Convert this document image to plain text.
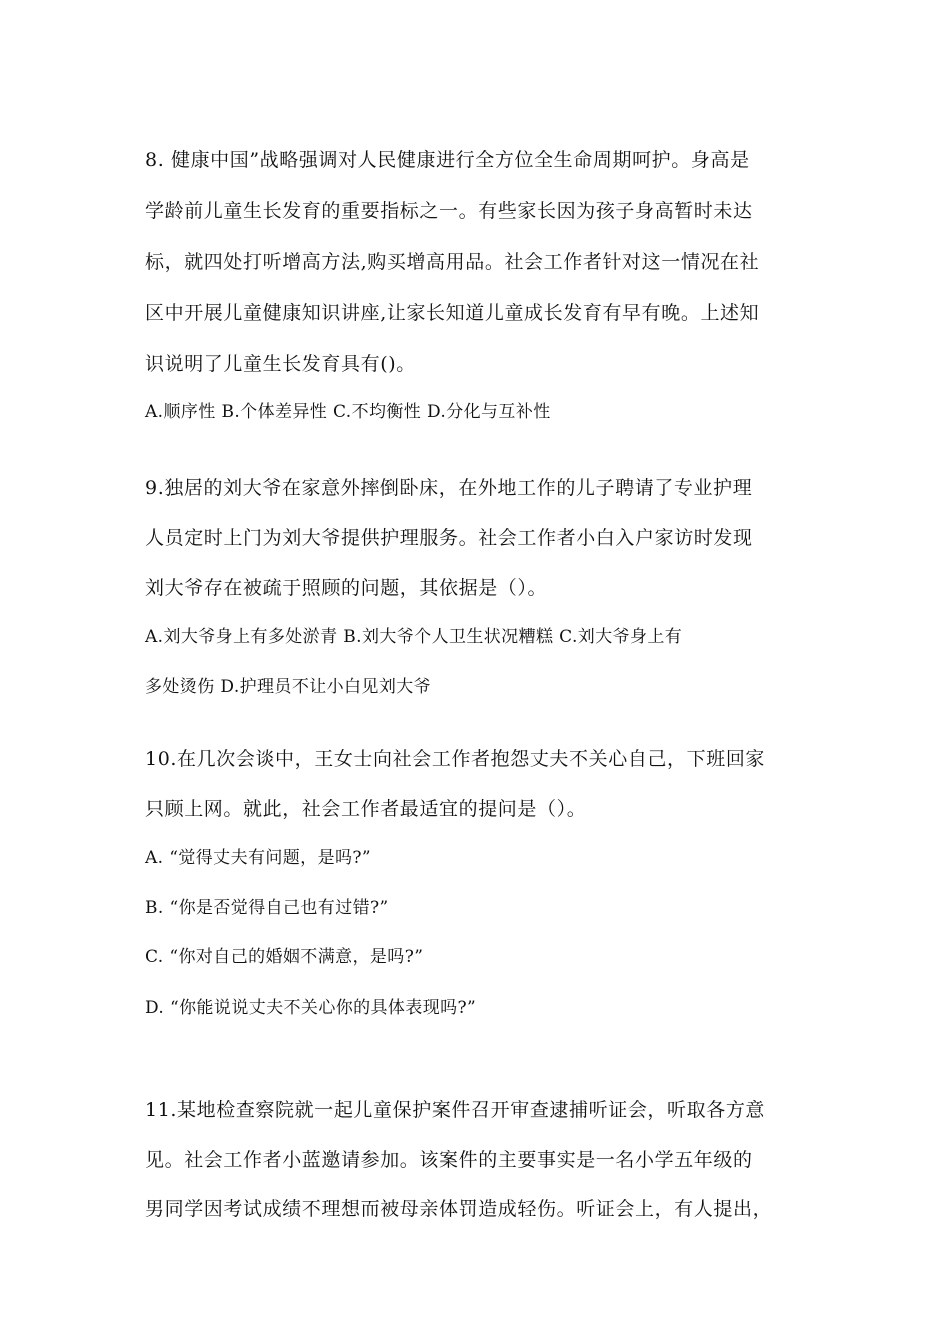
8. 健康中国”战略强调对人民健康进行全方位全生命周期呵护。身高是
学龄前儿童生长发育的重要指标之一。有些家长因为孩子身高暂时未达
标，就四处打听增高方法,购买增高用品。社会工作者针对这一情况在社
区中开展儿童健康知识讲座,让家长知道儿童成长发育有早有晚。上述知
识说明了儿童生长发育具有()。
A.顺序性 B.个体差异性 C.不均衡性 D.分化与互补性
9.独居的刘大爷在家意外摔倒卧床，在外地工作的儿子聘请了专业护理
人员定时上门为刘大爷提供护理服务。社会工作者小白入户家访时发现
刘大爷存在被疏于照顾的问题，其依据是（）。
A.刘大爷身上有多处淤青 B.刘大爷个人卫生状况糟糕 C.刘大爷身上有
多处烫伤 D.护理员不让小白见刘大爷
10.在几次会谈中，王女士向社会工作者抱怨丈夫不关心自己，下班回家
只顾上网。就此，社会工作者最适宜的提问是（）。
A. “觉得丈夫有问题，是吗?”
B. “你是否觉得自己也有过错?”
C. “你对自己的婚姻不满意，是吗?”
D. “你能说说丈夫不关心你的具体表现吗?”
11.某地检查察院就一起儿童保护案件召开审查逮捕听证会，听取各方意
见。社会工作者小蓝邀请参加。该案件的主要事实是一名小学五年级的
男同学因考试成绩不理想而被母亲体罚造成轻伤。听证会上，有人提出，
